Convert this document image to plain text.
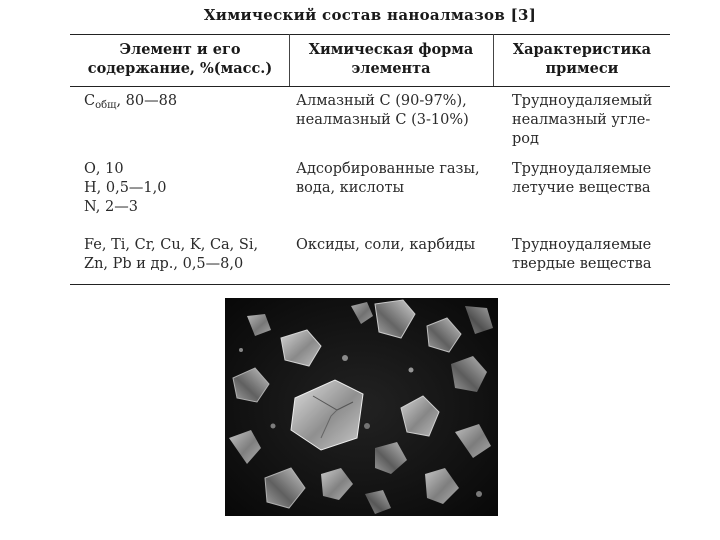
Химический состав наноалмазов [3]
Элемент и его
содержание, %(масс.)
Химическая форма
элемента
Характеристика
примеси
$С_{общ}$, 80—88	Алмазный С (90-97%),
неалмазный С (3-10%)
Трудноудаляемый
неалмазный угле-
род
О, 10
Н, 0,5—1,0
N, 2—3
Адсорбированные газы,
вода, кислоты
Трудноудаляемые
летучие вещества
Fe, Ti, Cr, Cu, K, Ca, Si,
Zn, Pb и др., 0,5—8,0
Оксиды, соли, карбиды	Трудноудаляемые
твердые вещества
